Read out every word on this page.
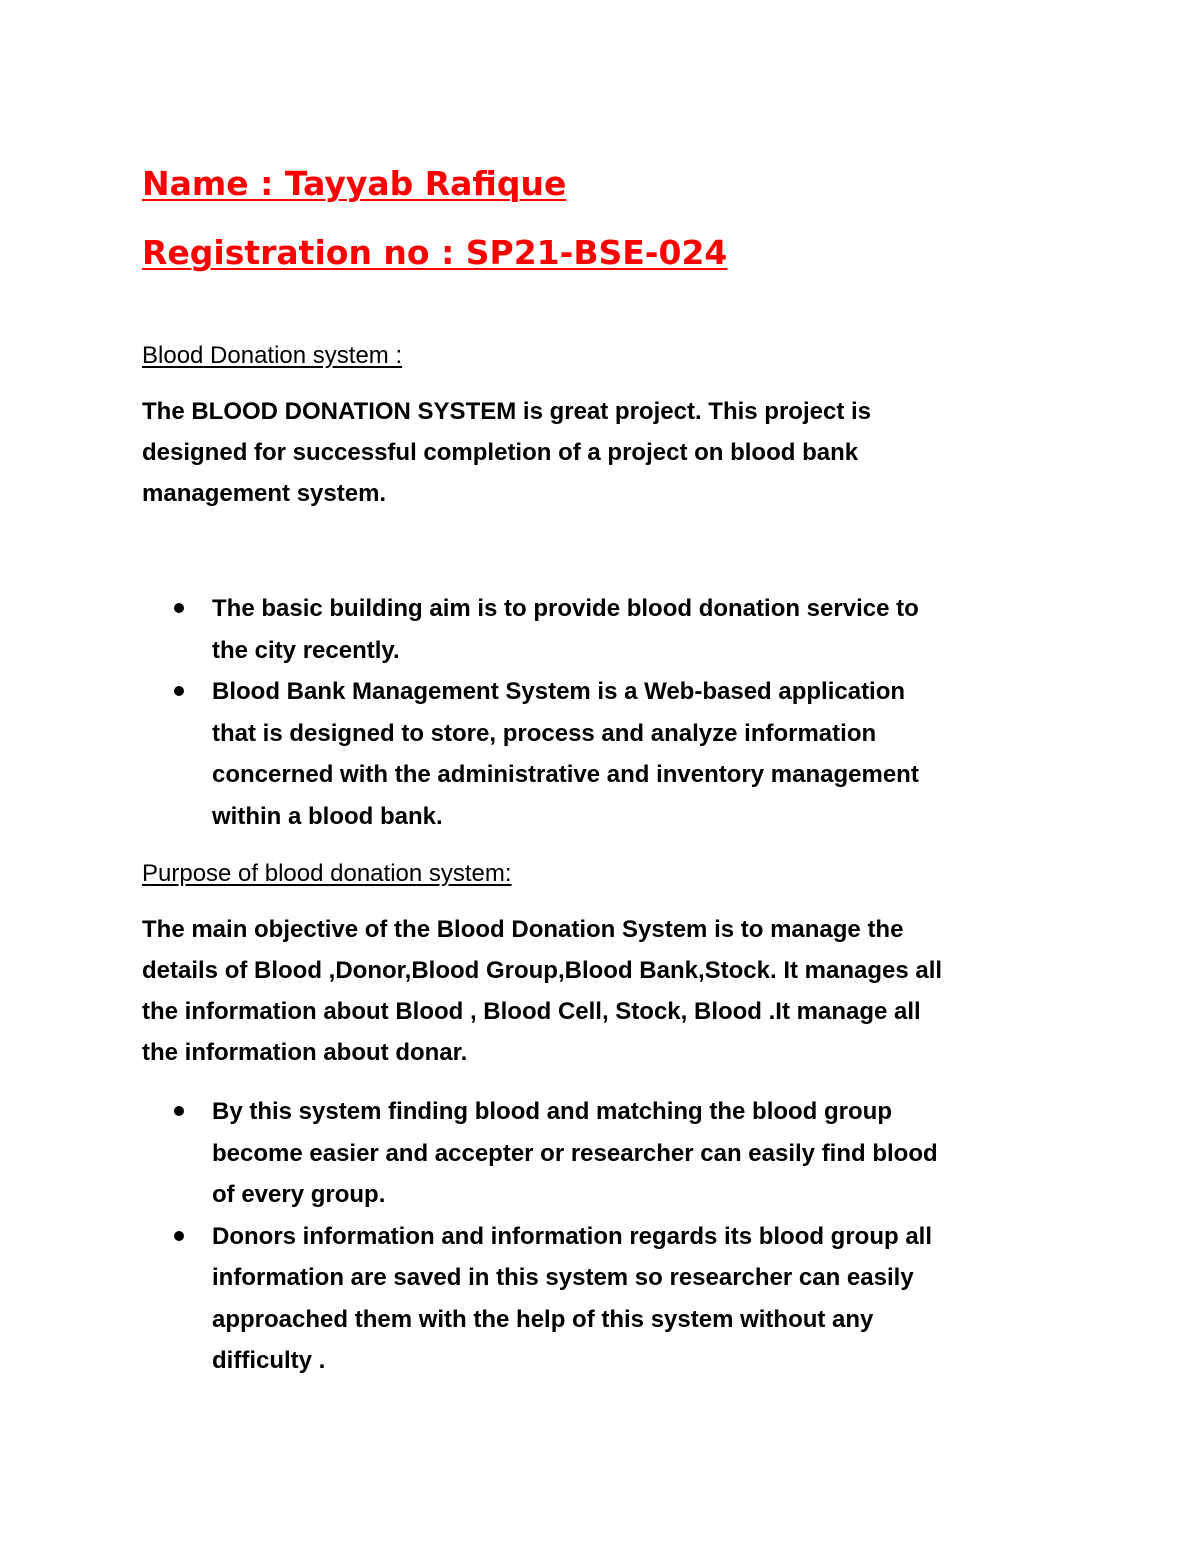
Name : Tayyab Rafique
Registration no : SP21-BSE-024
Blood Donation system :

The BLOOD DONATION SYSTEM is great project. This project is
designed for successful completion of a project on blood bank
management system.

The basic building aim is to provide blood donation service to
the city recently.
Blood Bank Management System is a Web-based application
that is designed to store, process and analyze information
concerned with the administrative and inventory management
within a blood bank.
Purpose of blood donation system:

The main objective of the Blood Donation System is to manage the
details of Blood ,Donor,Blood Group,Blood Bank,Stock. It manages all
the information about Blood , Blood Cell, Stock, Blood .It manage all
the information about donar.

By this system finding blood and matching the blood group
become easier and accepter or researcher can easily find blood
of every group.
Donors information and information regards its blood group all
information are saved in this system so researcher can easily
approached them with the help of this system without any
difficulty .
